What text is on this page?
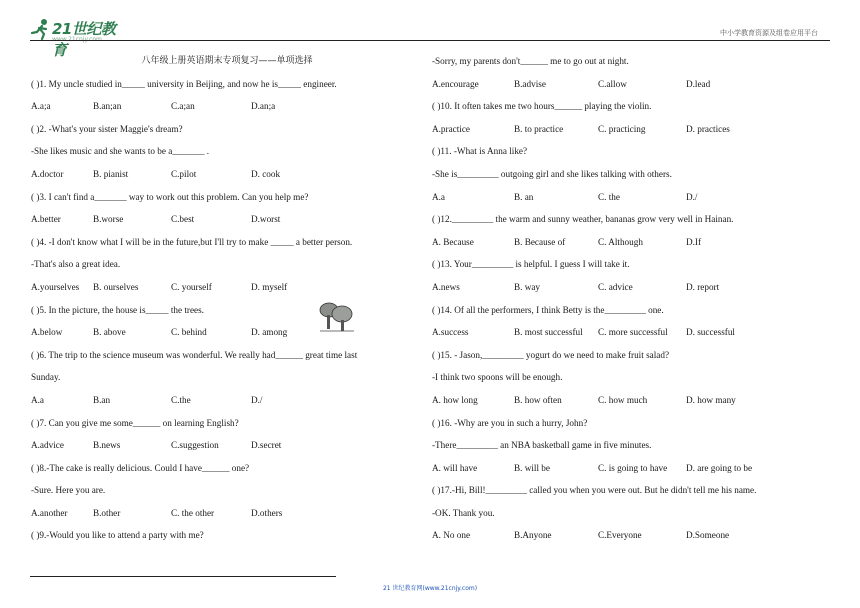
21世纪教育
www.21cnjy.com
中小学教育资源及组卷应用平台
八年级上册英语期末专项复习——单项选择
( )1. My uncle studied in_____ university in Beijing, and now he is_____ engineer.
A.a;a	B.an;an	C.a;an	D.an;a
( )2. -What's your sister Maggie's dream?
-She likes music and she wants to be a_______ .
A.doctor	B. pianist	C.pilot	D. cook
( )3. I can't find a_______ way to work out this problem. Can you help me?
A.better	B.worse	C.best	D.worst
( )4. -I don't know what I will be in the future,but I'll try to make _____ a better person.
-That's also a great idea.
A.yourselves B. ourselves	C. yourself	D. myself
( )5. In the picture, the house is_____ the trees.
A.below	B. above	C. behind	D. among
( )6. The trip to the science museum was wonderful. We really had______ great time last
Sunday.
A.a	B.an	C.the	D./
( )7. Can you give me some______ on learning English?
A.advice	B.news	C.suggestion	D.secret
( )8.-The cake is really delicious. Could I have______ one?
-Sure. Here you are.
A.another	B.other	C. the other	D.others
( )9.-Would you like to attend a party with me?
-Sorry, my parents don't______ me to go out at night.
A.encourage	B.advise	C.allow	D.lead
( )10. It often takes me two hours______ playing the violin.
A.practice	B. to practice	C. practicing	D. practices
( )11. -What is Anna like?
-She is_________ outgoing girl and she likes talking with others.
A.a	B. an	C. the	D./
( )12._________ the warm and sunny weather, bananas grow very well in Hainan.
A. Because	B. Because of	C. Although	D.If
( )13. Your_________ is helpful. I guess I will take it.
A.news	B. way	C. advice	D. report
( )14. Of all the performers, I think Betty is the_________ one.
A.success	B. most successful C. more successful D. successful
( )15. - Jason,_________ yogurt do we need to make fruit salad?
-I think two spoons will be enough.
A. how long	B. how often	C. how much	D. how many
( )16. -Why are you in such a hurry, John?
-There_________ an NBA basketball game in five minutes.
A. will have	B. will be	C. is going to have D. are going to be
( )17.-Hi, Bill!_________ called you when you were out. But he didn't tell me his name.
-OK. Thank you.
A. No one	B.Anyone	C.Everyone	D.Someone
21 世纪教育网(www.21cnjy.com)
